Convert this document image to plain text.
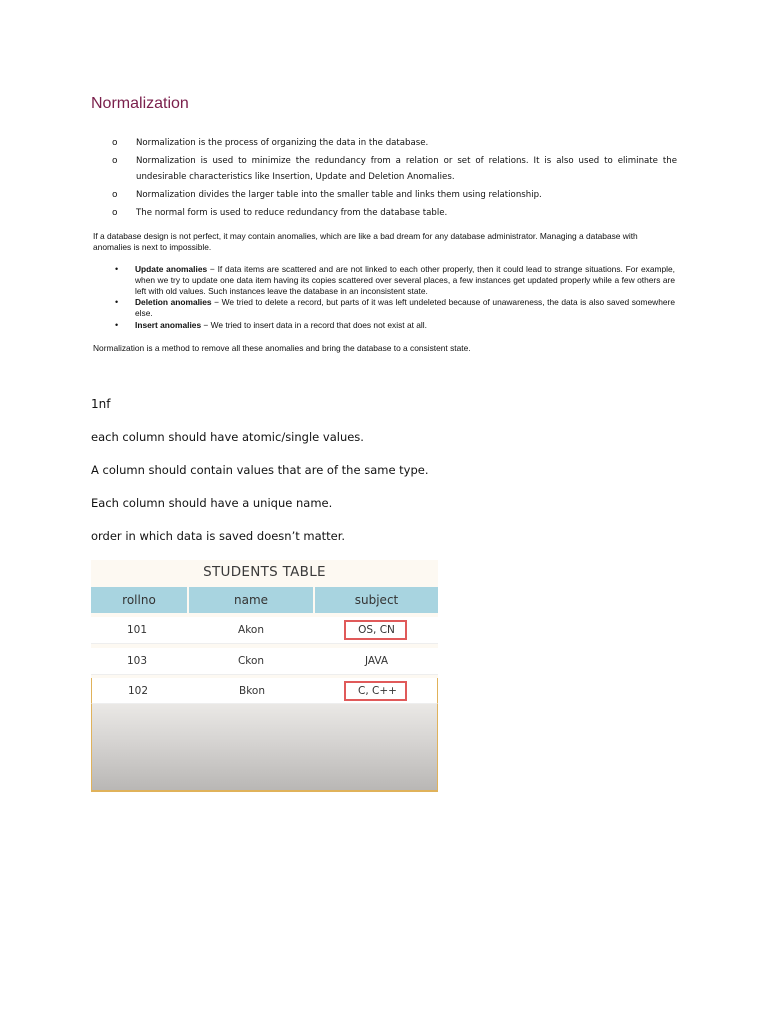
Normalization
o Normalization is the process of organizing the data in the database.
o Normalization is used to minimize the redundancy from a relation or set of relations. It is also used to eliminate the undesirable characteristics like Insertion, Update and Deletion Anomalies.
o Normalization divides the larger table into the smaller table and links them using relationship.
o The normal form is used to reduce redundancy from the database table.
If a database design is not perfect, it may contain anomalies, which are like a bad dream for any database administrator. Managing a database with anomalies is next to impossible.
• Update anomalies − If data items are scattered and are not linked to each other properly, then it could lead to strange situations. For example, when we try to update one data item having its copies scattered over several places, a few instances get updated properly while a few others are left with old values. Such instances leave the database in an inconsistent state.
• Deletion anomalies − We tried to delete a record, but parts of it was left undeleted because of unawareness, the data is also saved somewhere else.
• Insert anomalies − We tried to insert data in a record that does not exist at all.
Normalization is a method to remove all these anomalies and bring the database to a consistent state.
1nf
each column should have atomic/single values.
A column should contain values that are of the same type.
Each column should have a unique name.
order in which data is saved doesn’t matter.
STUDENTS TABLE
rollno	name	subject
101	Akon	OS, CN
103	Ckon	JAVA
102	Bkon	C, C++
